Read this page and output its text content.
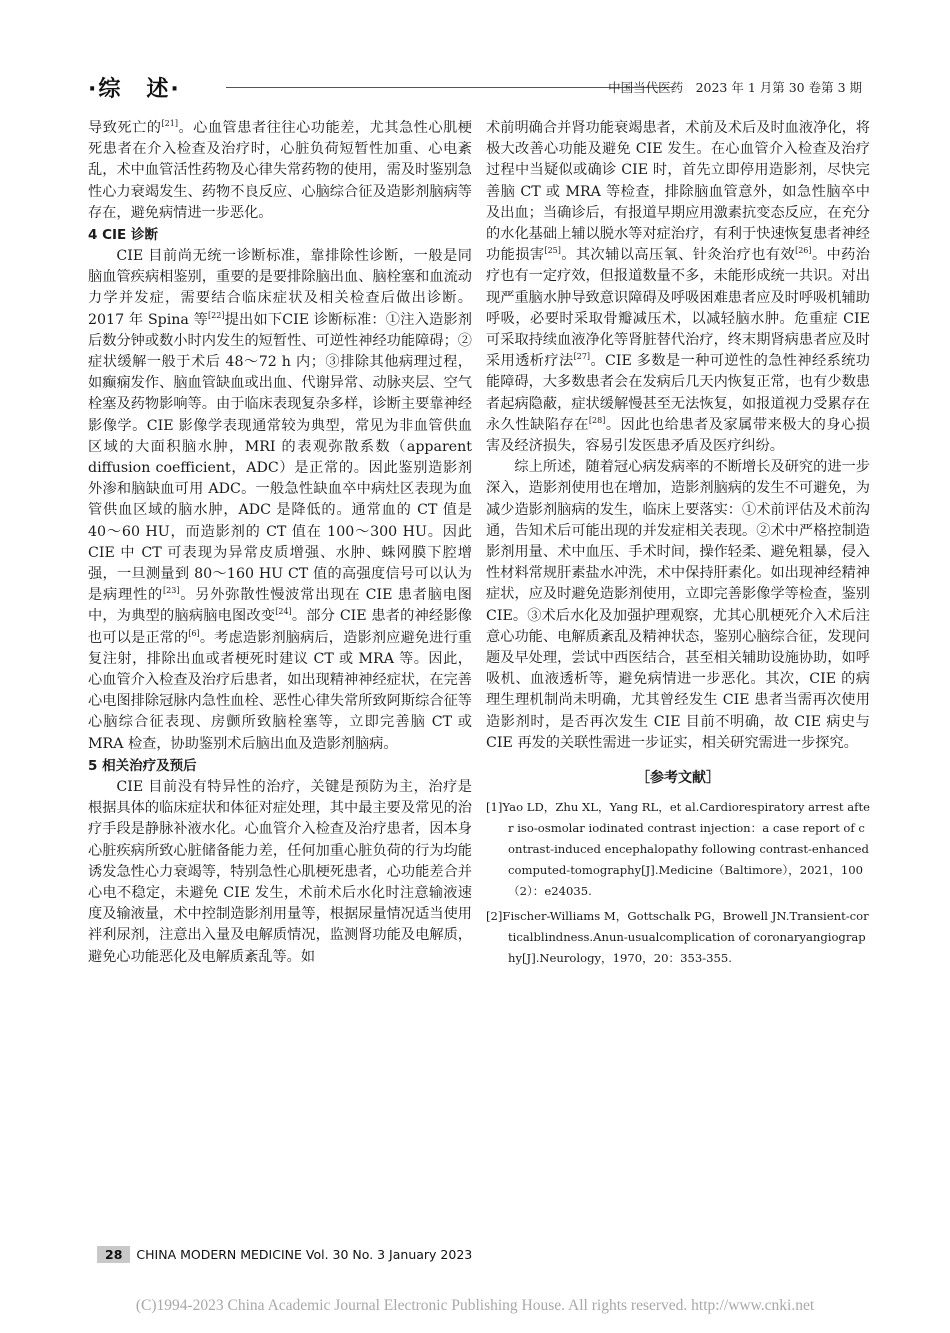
·综　述·	中国当代医药　2023 年 1 月第 30 卷第 3 期

导致死亡的[21]。心血管患者往往心功能差，尤其急性心肌梗死患者在介入检查及治疗时，心脏负荷短暂性加重、心电紊乱，术中血管活性药物及心律失常药物的使用，需及时鉴别急性心力衰竭发生、药物不良反应、心脑综合征及造影剂脑病等存在，避免病情进一步恶化。

4 CIE 诊断

CIE 目前尚无统一诊断标准，靠排除性诊断，一般是同脑血管疾病相鉴别，重要的是要排除脑出血、脑栓塞和血流动力学并发症，需要结合临床症状及相关检查后做出诊断。2017 年 Spina 等[22]提出如下CIE 诊断标准：①注入造影剂后数分钟或数小时内发生的短暂性、可逆性神经功能障碍；②症状缓解一般于术后 48～72 h 内；③排除其他病理过程，如癫痫发作、脑血管缺血或出血、代谢异常、动脉夹层、空气栓塞及药物影响等。由于临床表现复杂多样，诊断主要靠神经影像学。CIE 影像学表现通常较为典型，常见为非血管供血区域的大面积脑水肿，MRI 的表观弥散系数（apparent diffusion coefficient，ADC）是正常的。因此鉴别造影剂外渗和脑缺血可用 ADC。一般急性缺血卒中病灶区表现为血管供血区域的脑水肿，ADC 是降低的。通常血的 CT 值是 40～60 HU，而造影剂的 CT 值在 100～300 HU。因此 CIE 中 CT 可表现为异常皮质增强、水肿、蛛网膜下腔增强，一旦测量到 80～160 HU CT 值的高强度信号可以认为是病理性的[23]。另外弥散性慢波常出现在 CIE 患者脑电图中，为典型的脑病脑电图改变[24]。部分 CIE 患者的神经影像也可以是正常的[6]。考虑造影剂脑病后，造影剂应避免进行重复注射，排除出血或者梗死时建议 CT 或 MRA 等。因此，心血管介入检查及治疗后患者，如出现精神神经症状，在完善心电图排除冠脉内急性血栓、恶性心律失常所致阿斯综合征等心脑综合征表现、房颤所致脑栓塞等，立即完善脑 CT 或 MRA 检查，协助鉴别术后脑出血及造影剂脑病。

5 相关治疗及预后

CIE 目前没有特异性的治疗，关键是预防为主，治疗是根据具体的临床症状和体征对症处理，其中最主要及常见的治疗手段是静脉补液水化。心血管介入检查及治疗患者，因本身心脏疾病所致心脏储备能力差，任何加重心脏负荷的行为均能诱发急性心力衰竭等，特别急性心肌梗死患者，心功能差合并心电不稳定，未避免 CIE 发生，术前术后水化时注意输液速度及输液量，术中控制造影剂用量等，根据尿量情况适当使用袢利尿剂，注意出入量及电解质情况，监测肾功能及电解质，避免心功能恶化及电解质紊乱等。如

术前明确合并肾功能衰竭患者，术前及术后及时血液净化，将极大改善心功能及避免 CIE 发生。在心血管介入检查及治疗过程中当疑似或确诊 CIE 时，首先立即停用造影剂，尽快完善脑 CT 或 MRA 等检查，排除脑血管意外，如急性脑卒中及出血；当确诊后，有报道早期应用激素抗变态反应，在充分的水化基础上辅以脱水等对症治疗，有利于快速恢复患者神经功能损害[25]。其次辅以高压氧、针灸治疗也有效[26]。中药治疗也有一定疗效，但报道数量不多，未能形成统一共识。对出现严重脑水肿导致意识障碍及呼吸困难患者应及时呼吸机辅助呼吸，必要时采取骨瓣减压术，以减轻脑水肿。危重症 CIE 可采取持续血液净化等肾脏替代治疗，终末期肾病患者应及时采用透析疗法[27]。CIE 多数是一种可逆性的急性神经系统功能障碍，大多数患者会在发病后几天内恢复正常，也有少数患者起病隐蔽，症状缓解慢甚至无法恢复，如报道视力受累存在永久性缺陷存在[28]。因此也给患者及家属带来极大的身心损害及经济损失，容易引发医患矛盾及医疗纠纷。

综上所述，随着冠心病发病率的不断增长及研究的进一步深入，造影剂使用也在增加，造影剂脑病的发生不可避免，为减少造影剂脑病的发生，临床上要落实：①术前评估及术前沟通，告知术后可能出现的并发症相关表现。②术中严格控制造影剂用量、术中血压、手术时间，操作轻柔、避免粗暴，侵入性材料常规肝素盐水冲洗，术中保持肝素化。如出现神经精神症状，应及时避免造影剂使用，立即完善影像学等检查，鉴别 CIE。③术后水化及加强护理观察，尤其心肌梗死介入术后注意心功能、电解质紊乱及精神状态，鉴别心脑综合征，发现问题及早处理，尝试中西医结合，甚至相关辅助设施协助，如呼吸机、血液透析等，避免病情进一步恶化。其次，CIE 的病理生理机制尚未明确，尤其曾经发生 CIE 患者当需再次使用造影剂时，是否再次发生 CIE 目前不明确，故 CIE 病史与 CIE 再发的关联性需进一步证实，相关研究需进一步探究。

［参考文献］
[1]Yao LD，Zhu XL，Yang RL，et al.Cardiorespiratory arrest after iso-osmolar iodinated contrast injection：a case report of contrast-induced encephalopathy following contrast-enhanced computed-tomography[J].Medicine（Baltimore），2021，100（2）：e24035.
[2]Fischer-Williams M，Gottschalk PG，Browell JN.Transient-corticalblindness.Anun-usualcomplication of coronaryangiography[J].Neurology，1970，20：353-355.
28 CHINA MODERN MEDICINE Vol. 30 No. 3 January 2023
(C)1994-2023 China Academic Journal Electronic Publishing House. All rights reserved. http://www.cnki.net
